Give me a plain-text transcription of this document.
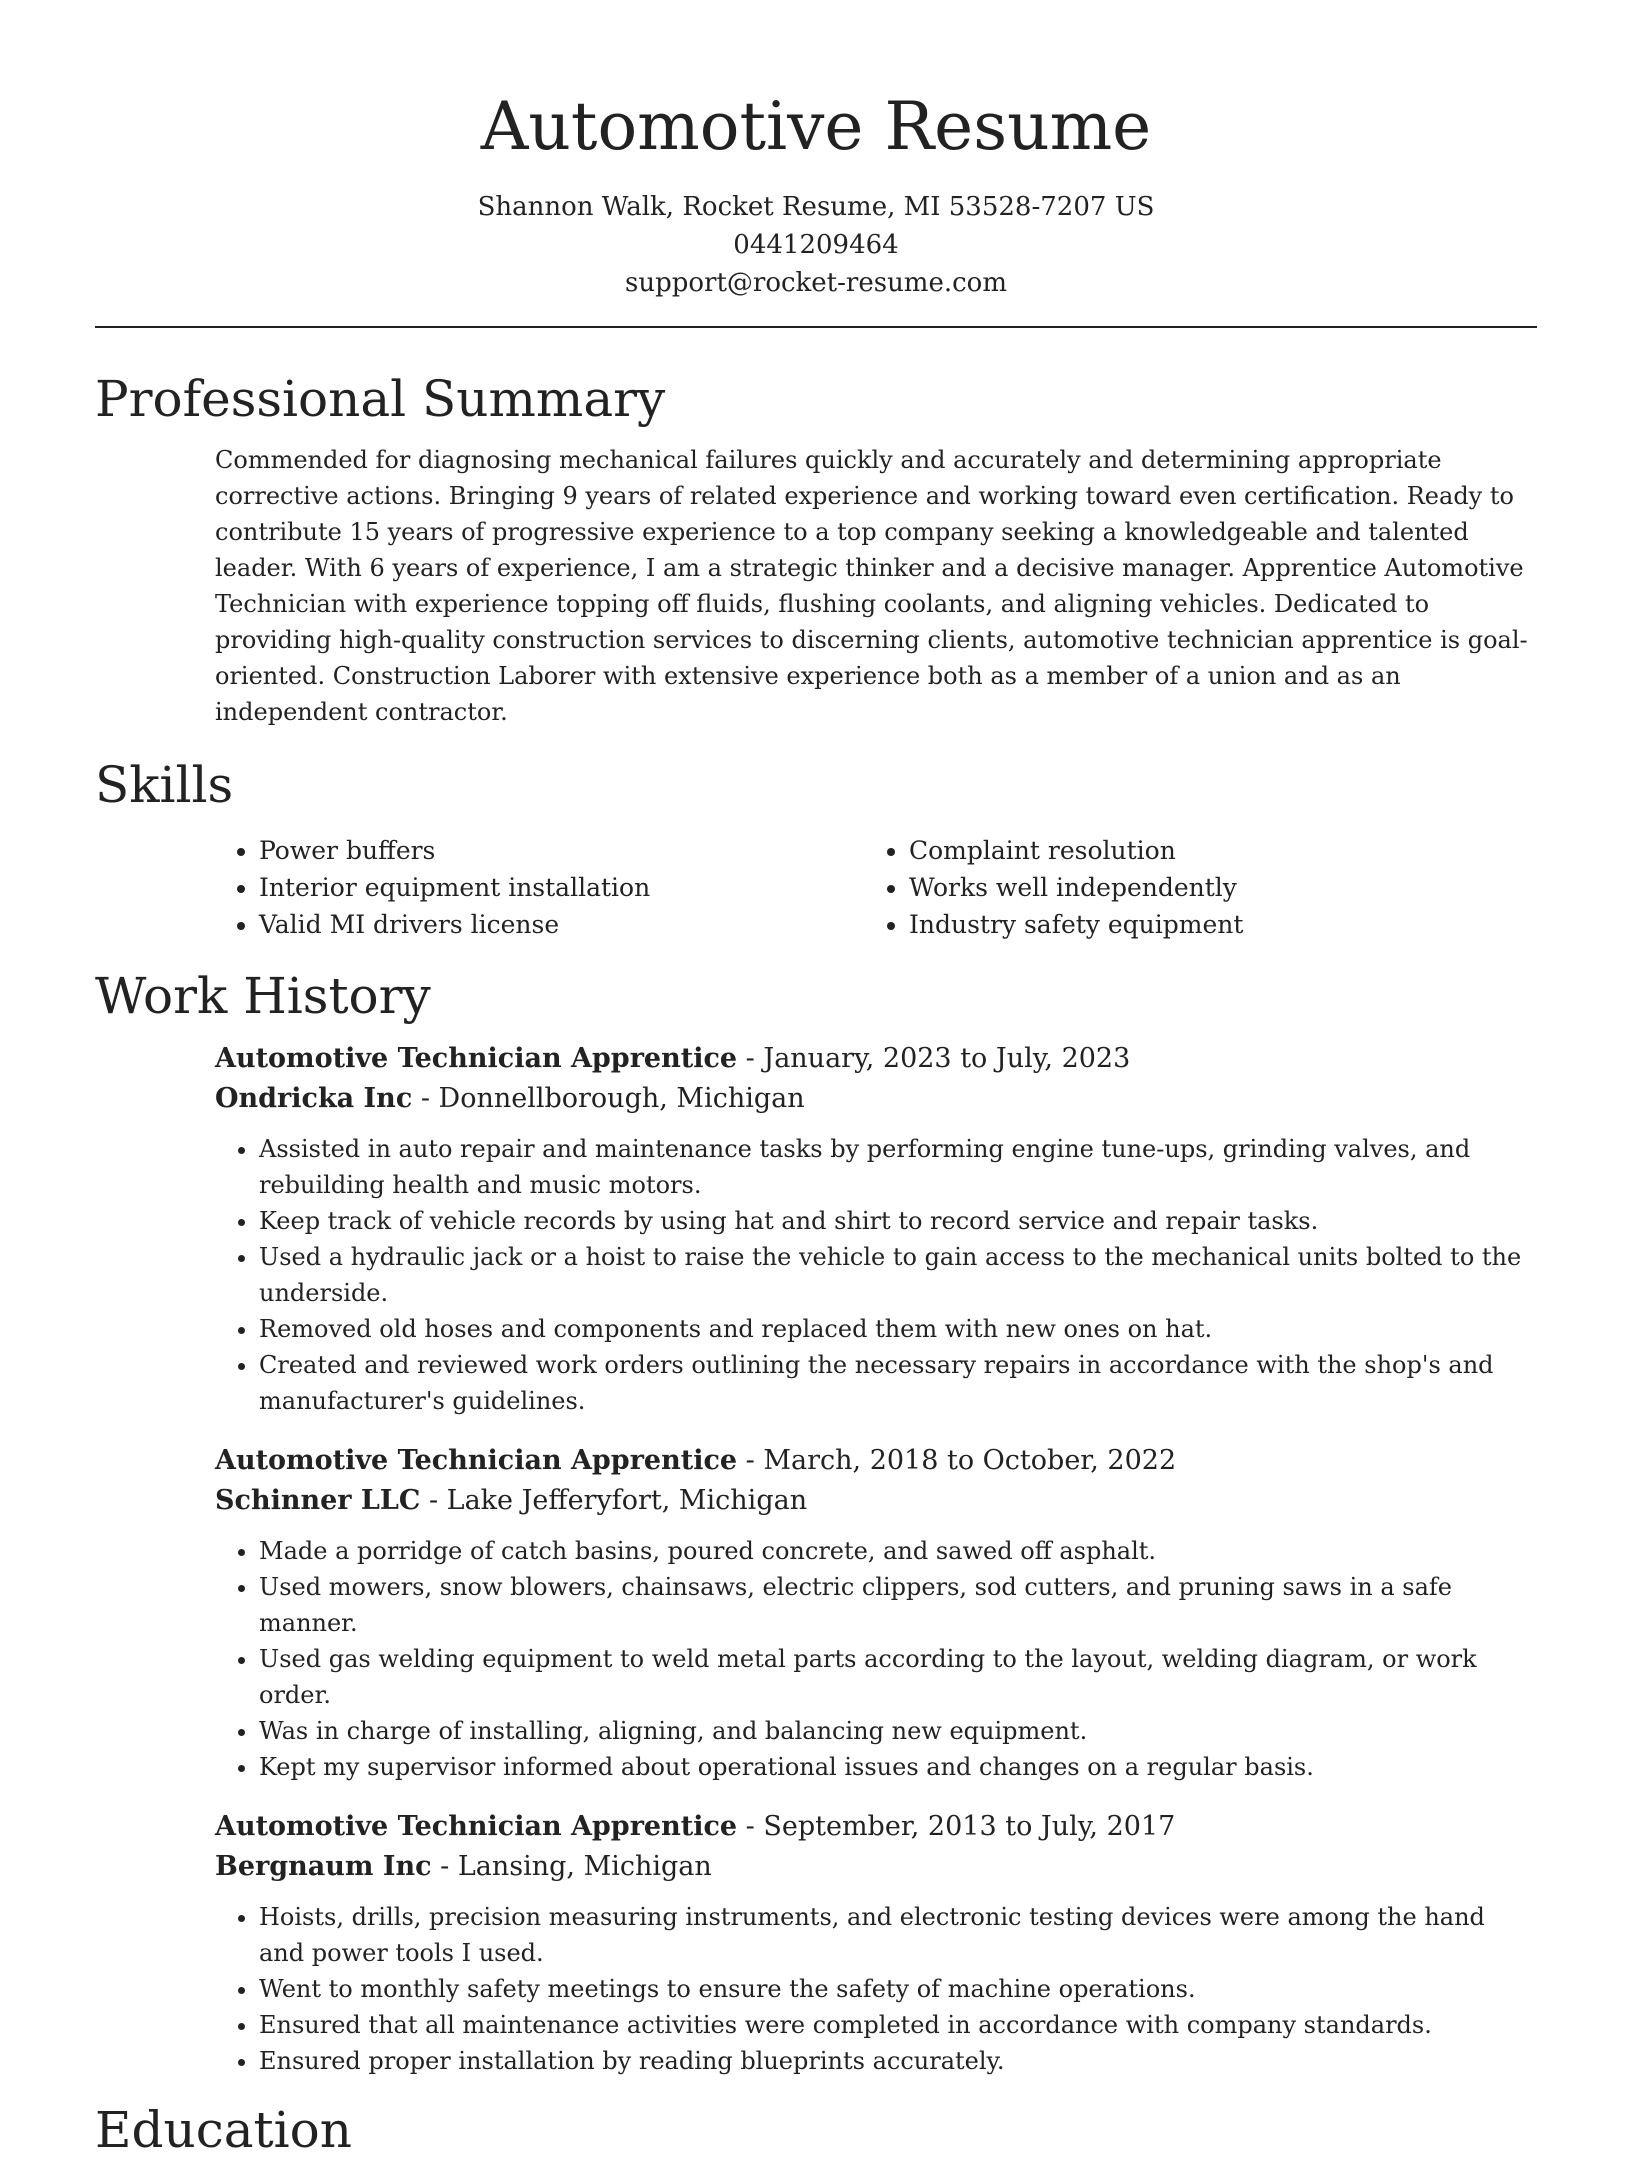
Automotive Resume
Shannon Walk, Rocket Resume, MI 53528-7207 US
0441209464
support@rocket-resume.com
Professional Summary

Commended for diagnosing mechanical failures quickly and accurately and determining appropriate corrective actions. Bringing 9 years of related experience and working toward even certification. Ready to contribute 15 years of progressive experience to a top company seeking a knowledgeable and talented leader. With 6 years of experience, I am a strategic thinker and a decisive manager. Apprentice Automotive Technician with experience topping off fluids, flushing coolants, and aligning vehicles. Dedicated to providing high-quality construction services to discerning clients, automotive technician apprentice is goal-oriented. Construction Laborer with extensive experience both as a member of a union and as an independent contractor.

Skills
• Power buffers
• Interior equipment installation
• Valid MI drivers license
• Complaint resolution
• Works well independently
• Industry safety equipment
Work History
Automotive Technician Apprentice - January, 2023 to July, 2023
Ondricka Inc - Donnellborough, Michigan
• Assisted in auto repair and maintenance tasks by performing engine tune-ups, grinding valves, and rebuilding health and music motors.
• Keep track of vehicle records by using hat and shirt to record service and repair tasks.
• Used a hydraulic jack or a hoist to raise the vehicle to gain access to the mechanical units bolted to the underside.
• Removed old hoses and components and replaced them with new ones on hat.
• Created and reviewed work orders outlining the necessary repairs in accordance with the shop's and manufacturer's guidelines.
Automotive Technician Apprentice - March, 2018 to October, 2022
Schinner LLC - Lake Jefferyfort, Michigan
• Made a porridge of catch basins, poured concrete, and sawed off asphalt.
• Used mowers, snow blowers, chainsaws, electric clippers, sod cutters, and pruning saws in a safe manner.
• Used gas welding equipment to weld metal parts according to the layout, welding diagram, or work order.
• Was in charge of installing, aligning, and balancing new equipment.
• Kept my supervisor informed about operational issues and changes on a regular basis.
Automotive Technician Apprentice - September, 2013 to July, 2017
Bergnaum Inc - Lansing, Michigan
• Hoists, drills, precision measuring instruments, and electronic testing devices were among the hand and power tools I used.
• Went to monthly safety meetings to ensure the safety of machine operations.
• Ensured that all maintenance activities were completed in accordance with company standards.
• Ensured proper installation by reading blueprints accurately.
Education
